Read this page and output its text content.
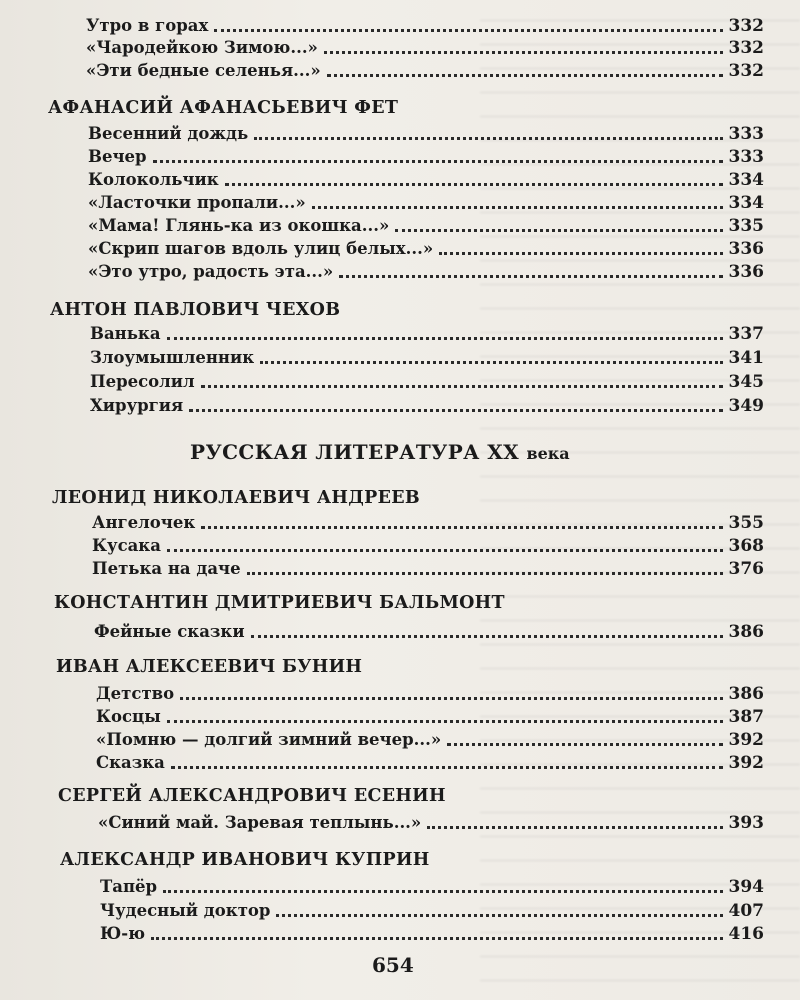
Утро в горах	332
«Чародейкою Зимою...»	332
«Эти бедные селенья...»	332
АФАНАСИЙ АФАНАСЬЕВИЧ ФЕТ
Весенний дождь	333
Вечер	333
Колокольчик	334
«Ласточки пропали...»	334
«Мама! Глянь-ка из окошка...»	335
«Скрип шагов вдоль улиц белых...»	336
«Это утро, радость эта...»	336
АНТОН ПАВЛОВИЧ ЧЕХОВ
Ванька	337
Злоумышленник	341
Пересолил	345
Хирургия	349
РУССКАЯ ЛИТЕРАТУРА XX века
ЛЕОНИД НИКОЛАЕВИЧ АНДРЕЕВ
Ангелочек	355
Кусака	368
Петька на даче	376
КОНСТАНТИН ДМИТРИЕВИЧ БАЛЬМОНТ
Фейные сказки	386
ИВАН АЛЕКСЕЕВИЧ БУНИН
Детство	386
Косцы	387
«Помню — долгий зимний вечер...»	392
Сказка	392
СЕРГЕЙ АЛЕКСАНДРОВИЧ ЕСЕНИН
«Синий май. Заревая теплынь...»	393
АЛЕКСАНДР ИВАНОВИЧ КУПРИН
Тапёр	394
Чудесный доктор	407
Ю-ю	416
654
